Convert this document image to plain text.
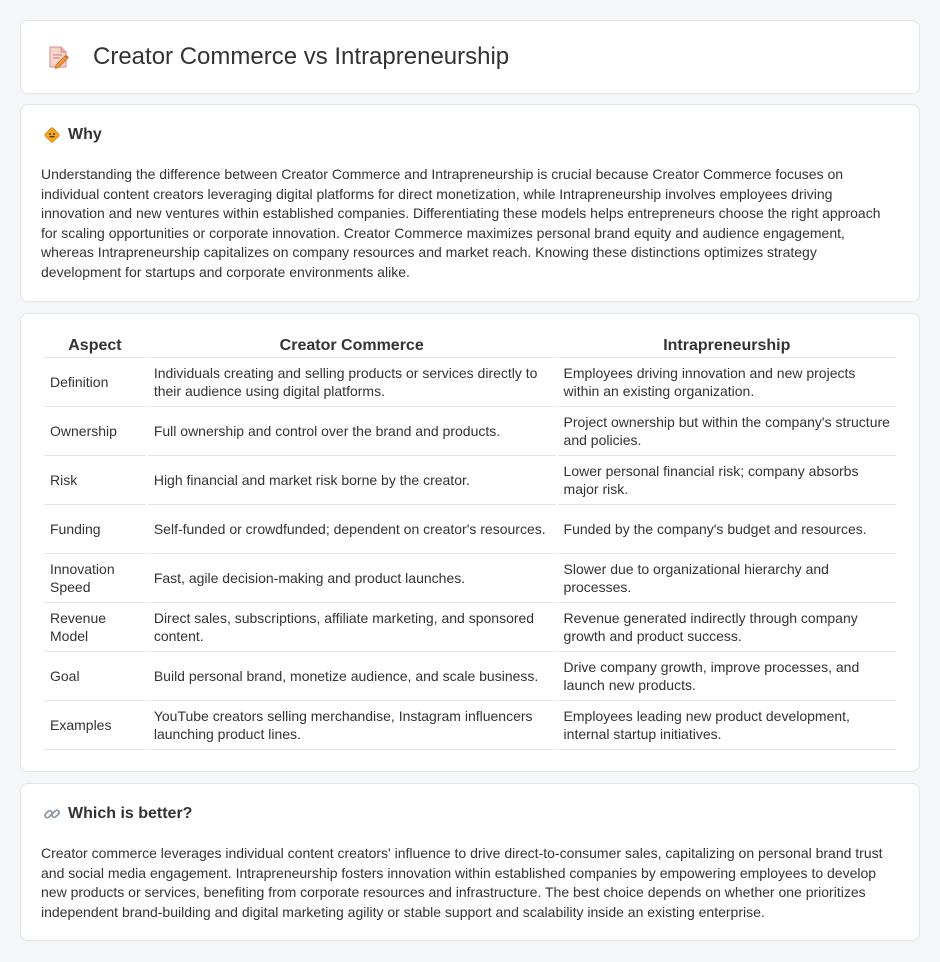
Creator Commerce vs Intrapreneurship
Why

Understanding the difference between Creator Commerce and Intrapreneurship is crucial because Creator Commerce focuses on individual content creators leveraging digital platforms for direct monetization, while Intrapreneurship involves employees driving innovation and new ventures within established companies. Differentiating these models helps entrepreneurs choose the right approach for scaling opportunities or corporate innovation. Creator Commerce maximizes personal brand equity and audience engagement, whereas Intrapreneurship capitalizes on company resources and market reach. Knowing these distinctions optimizes strategy development for startups and corporate environments alike.

Aspect	Creator Commerce	Intrapreneurship
Definition	Individuals creating and selling products or services directly to their audience using digital platforms.	Employees driving innovation and new projects within an existing organization.
Ownership	Full ownership and control over the brand and products.	Project ownership but within the company's structure and policies.
Risk	High financial and market risk borne by the creator.	Lower personal financial risk; company absorbs major risk.
Funding	Self-funded or crowdfunded; dependent on creator's resources.	Funded by the company's budget and resources.
Innovation Speed	Fast, agile decision-making and product launches.	Slower due to organizational hierarchy and processes.
Revenue Model	Direct sales, subscriptions, affiliate marketing, and sponsored content.	Revenue generated indirectly through company growth and product success.
Goal	Build personal brand, monetize audience, and scale business.	Drive company growth, improve processes, and launch new products.
Examples	YouTube creators selling merchandise, Instagram influencers launching product lines.	Employees leading new product development, internal startup initiatives.
Which is better?

Creator commerce leverages individual content creators' influence to drive direct-to-consumer sales, capitalizing on personal brand trust and social media engagement. Intrapreneurship fosters innovation within established companies by empowering employees to develop new products or services, benefiting from corporate resources and infrastructure. The best choice depends on whether one prioritizes independent brand-building and digital marketing agility or stable support and scalability inside an existing enterprise.
